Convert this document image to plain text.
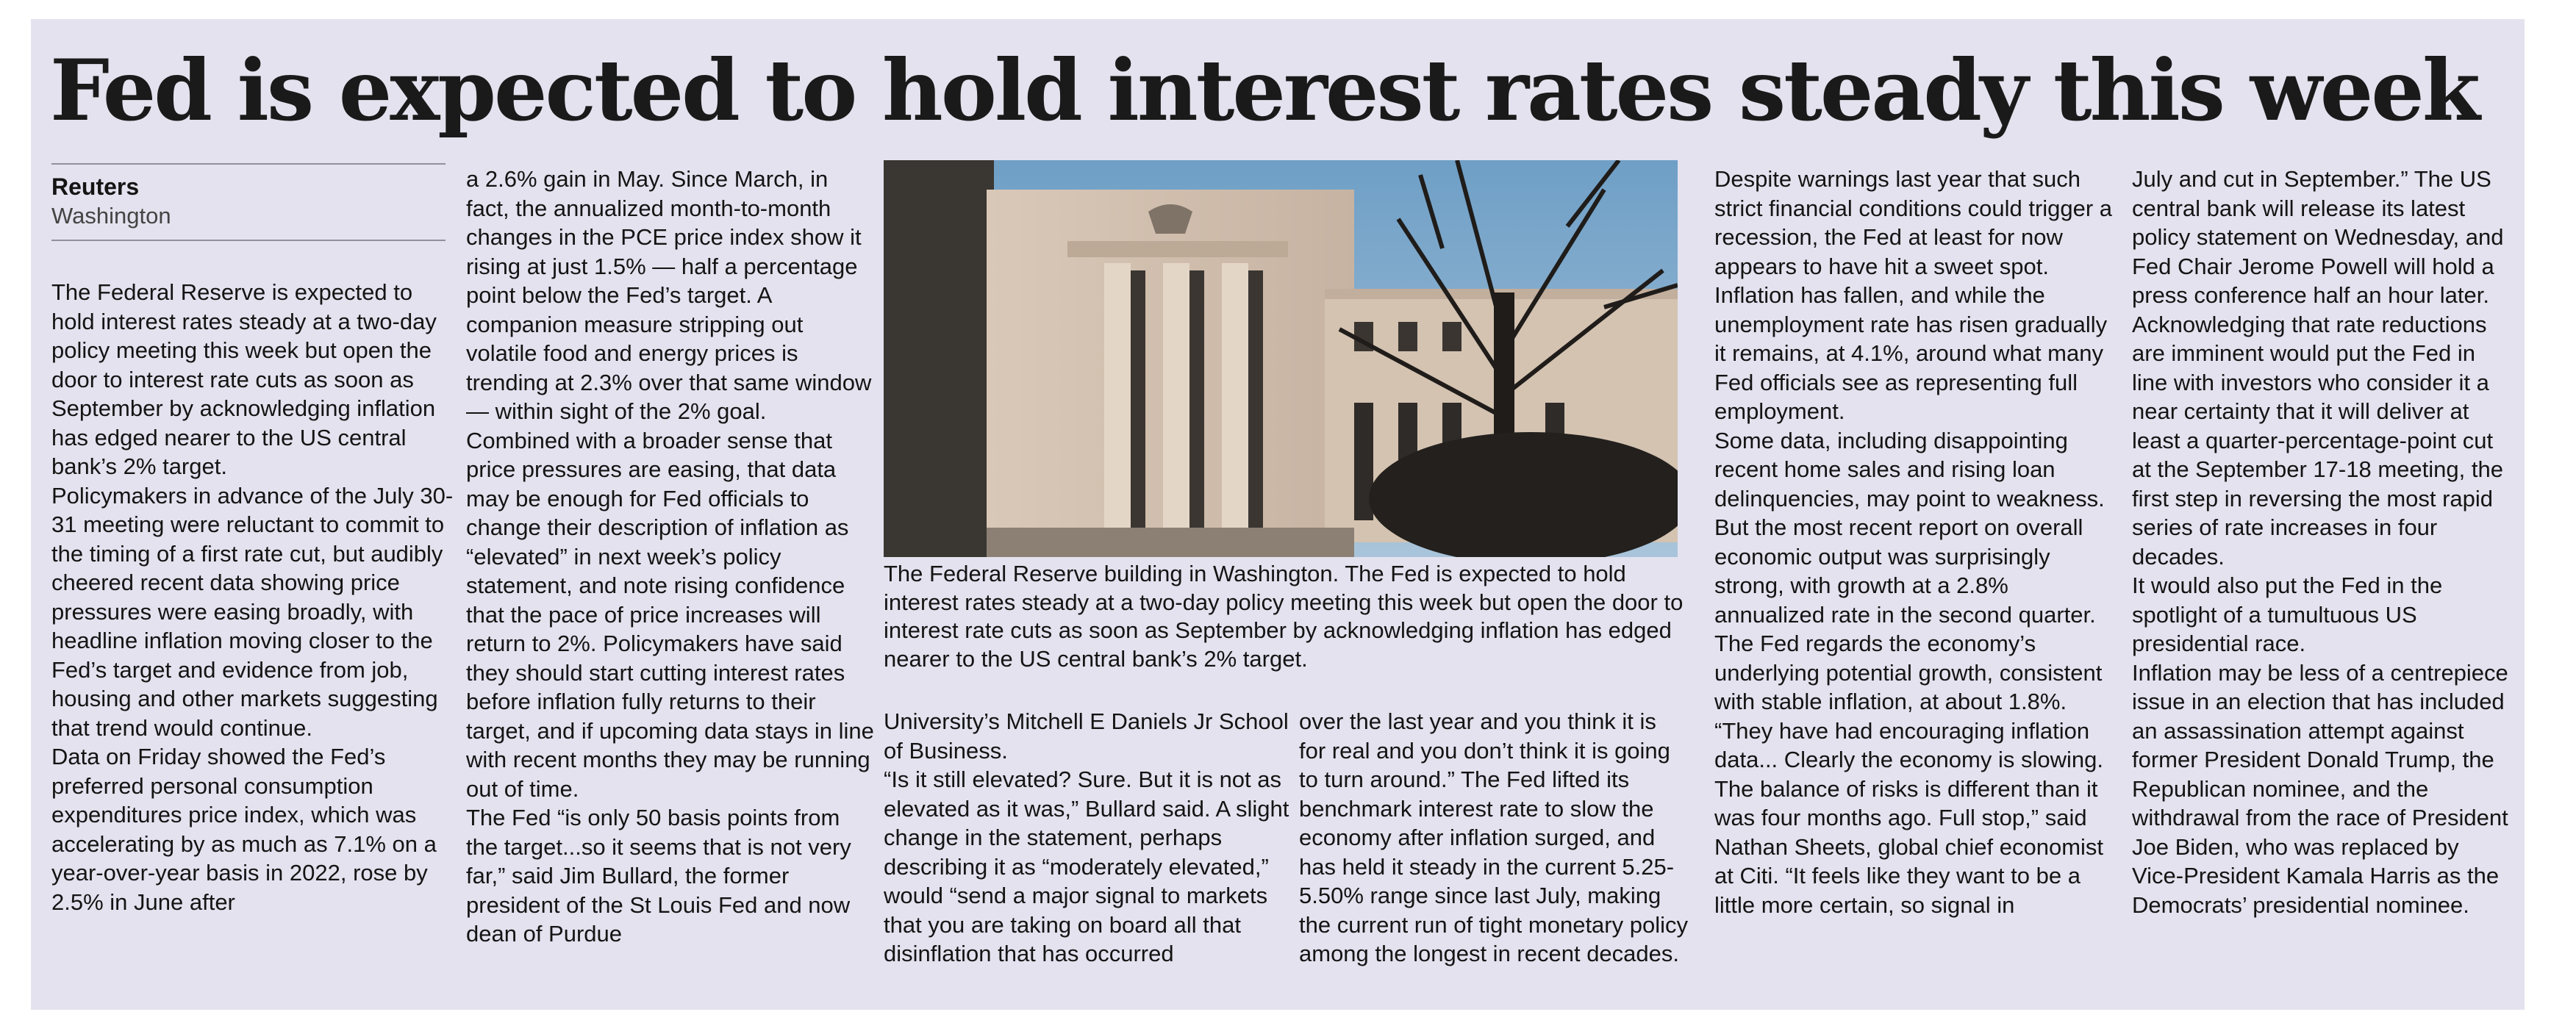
Fed is expected to hold interest rates steady this week
Reuters
Washington

The Federal Reserve is expected to hold interest rates steady at a two-day policy meeting this week but open the door to interest rate cuts as soon as September by acknowledging inflation has edged nearer to the US central bank’s 2% target.

Policymakers in advance of the July 30-31 meeting were reluctant to commit to the timing of a first rate cut, but audibly cheered recent data showing price pressures were easing broadly, with headline inflation moving closer to the Fed’s target and evidence from job, housing and other markets suggesting that trend would continue.

Data on Friday showed the Fed’s preferred personal consumption expenditures price index, which was accelerating by as much as 7.1% on a year-over-year basis in 2022, rose by 2.5% in June after

a 2.6% gain in May. Since March, in fact, the annualized month-to-month changes in the PCE price index show it rising at just 1.5% — half a percentage point below the Fed’s target. A companion measure stripping out volatile food and energy prices is trending at 2.3% over that same window — within sight of the 2% goal.

Combined with a broader sense that price pressures are easing, that data may be enough for Fed officials to change their description of inflation as “elevated” in next week’s policy statement, and note rising confidence that the pace of price increases will return to 2%. Policymakers have said they should start cutting interest rates before inflation fully returns to their target, and if upcoming data stays in line with recent months they may be running out of time.

The Fed “is only 50 basis points from the target...so it seems that is not very far,” said Jim Bullard, the former president of the St Louis Fed and now dean of Purdue

The Federal Reserve building in Washington. The Fed is expected to hold interest rates steady at a two-day policy meeting this week but open the door to interest rate cuts as soon as September by acknowledging inflation has edged nearer to the US central bank’s 2% target.

University’s Mitchell E Daniels Jr School of Business.

“Is it still elevated? Sure. But it is not as elevated as it was,” Bullard said. A slight change in the statement, perhaps describing it as “moderately elevated,” would “send a major signal to markets that you are taking on board all that disinflation that has occurred

over the last year and you think it is for real and you don’t think it is going to turn around.” The Fed lifted its benchmark interest rate to slow the economy after inflation surged, and has held it steady in the current 5.25-5.50% range since last July, making the current run of tight monetary policy among the longest in recent decades.

Despite warnings last year that such strict financial conditions could trigger a recession, the Fed at least for now appears to have hit a sweet spot. Inflation has fallen, and while the unemployment rate has risen gradually it remains, at 4.1%, around what many Fed officials see as representing full employment.

Some data, including disappointing recent home sales and rising loan delinquencies, may point to weakness. But the most recent report on overall economic output was surprisingly strong, with growth at a 2.8% annualized rate in the second quarter. The Fed regards the economy’s underlying potential growth, consistent with stable inflation, at about 1.8%.

“They have had encouraging inflation data... Clearly the economy is slowing. The balance of risks is different than it was four months ago. Full stop,” said Nathan Sheets, global chief economist at Citi. “It feels like they want to be a little more certain, so signal in

July and cut in September.” The US central bank will release its latest policy statement on Wednesday, and Fed Chair Jerome Powell will hold a press conference half an hour later.

Acknowledging that rate reductions are imminent would put the Fed in line with investors who consider it a near certainty that it will deliver at least a quarter-percentage-point cut at the September 17-18 meeting, the first step in reversing the most rapid series of rate increases in four decades.

It would also put the Fed in the spotlight of a tumultuous US presidential race.

Inflation may be less of a centrepiece issue in an election that has included an assassination attempt against former President Donald Trump, the Republican nominee, and the withdrawal from the race of President Joe Biden, who was replaced by Vice-President Kamala Harris as the Democrats’ presidential nominee.
